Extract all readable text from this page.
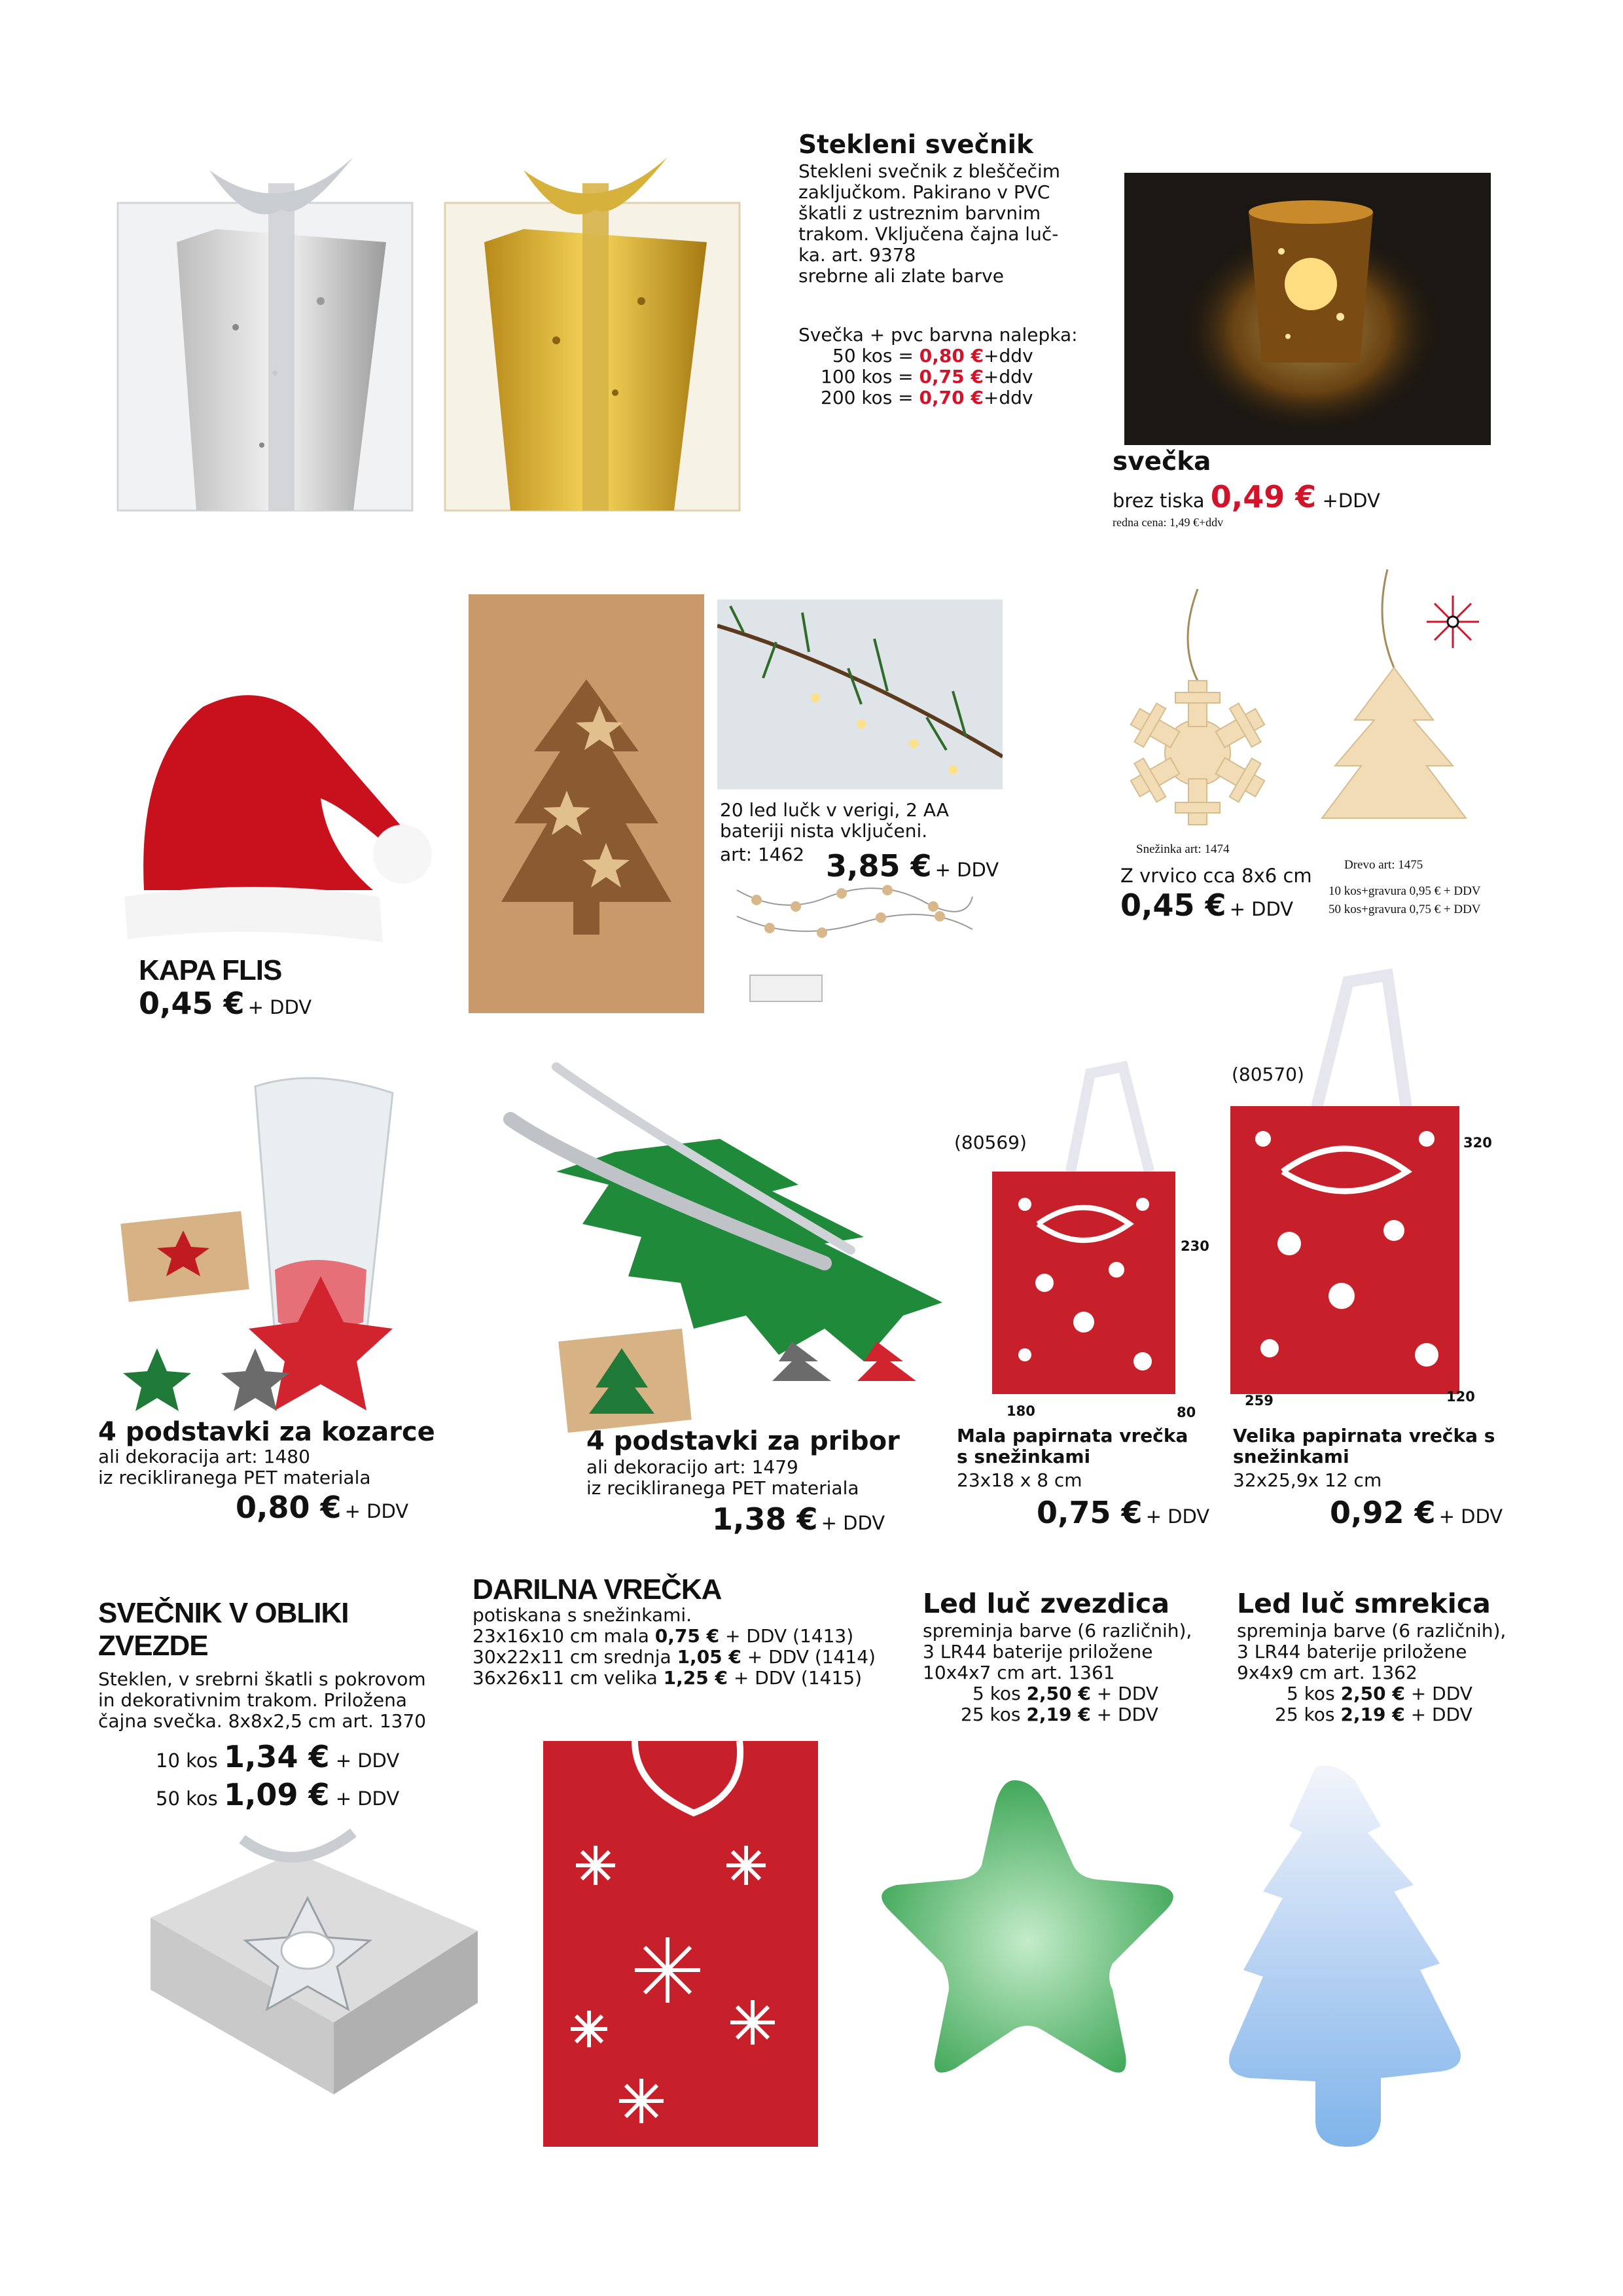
Stekleni svečnik
Stekleni svečnik z bleščečim
zaključkom. Pakirano v PVC
škatli z ustreznim barvnim
trakom. Vključena čajna luč-
ka. art. 9378
srebrne ali zlate barve
Svečka + pvc barvna nalepka:
50 kos = 0,80 €+ddv
100 kos = 0,75 €+ddv
200 kos = 0,70 €+ddv
svečka
brez tiska 0,49 € +DDV
redna cena: 1,49 €+ddv
KAPA FLIS
0,45 € + DDV
20 led lučk v verigi, 2 AA
bateriji nista vključeni.
art: 1462 3,85 € + DDV
Snežinka art: 1474
Drevo art: 1475
Z vrvico cca 8x6 cm
0,45 € + DDV
10 kos+gravura 0,95 € + DDV
50 kos+gravura 0,75 € + DDV
4 podstavki za kozarce
ali dekoracija art: 1480
iz recikliranega PET materiala
0,80 € + DDV
4 podstavki za pribor
ali dekoracijo art: 1479
iz recikliranega PET materiala
1,38 € + DDV
(80569)
230
180	80
Mala papirnata vrečka
s snežinkami
23x18 x 8 cm
0,75 € + DDV
(80570)
320
259	120
Velika papirnata vrečka s
snežinkami
32x25,9x 12 cm
0,92 € + DDV
SVEČNIK V OBLIKI
ZVEZDE
Steklen, v srebrni škatli s pokrovom
in dekorativnim trakom. Priložena
čajna svečka. 8x8x2,5 cm art. 1370
10 kos 1,34 € + DDV
50 kos 1,09 € + DDV
DARILNA VREČKA
potiskana s snežinkami.
23x16x10 cm mala 0,75 € + DDV (1413)
30x22x11 cm srednja 1,05 € + DDV (1414)
36x26x11 cm velika 1,25 € + DDV (1415)
Led luč zvezdica
spreminja barve (6 različnih),
3 LR44 baterije priložene
10x4x7 cm art. 1361
5 kos 2,50 € + DDV
25 kos 2,19 € + DDV
Led luč smrekica
spreminja barve (6 različnih),
3 LR44 baterije priložene
9x4x9 cm art. 1362
5 kos 2,50 € + DDV
25 kos 2,19 € + DDV
